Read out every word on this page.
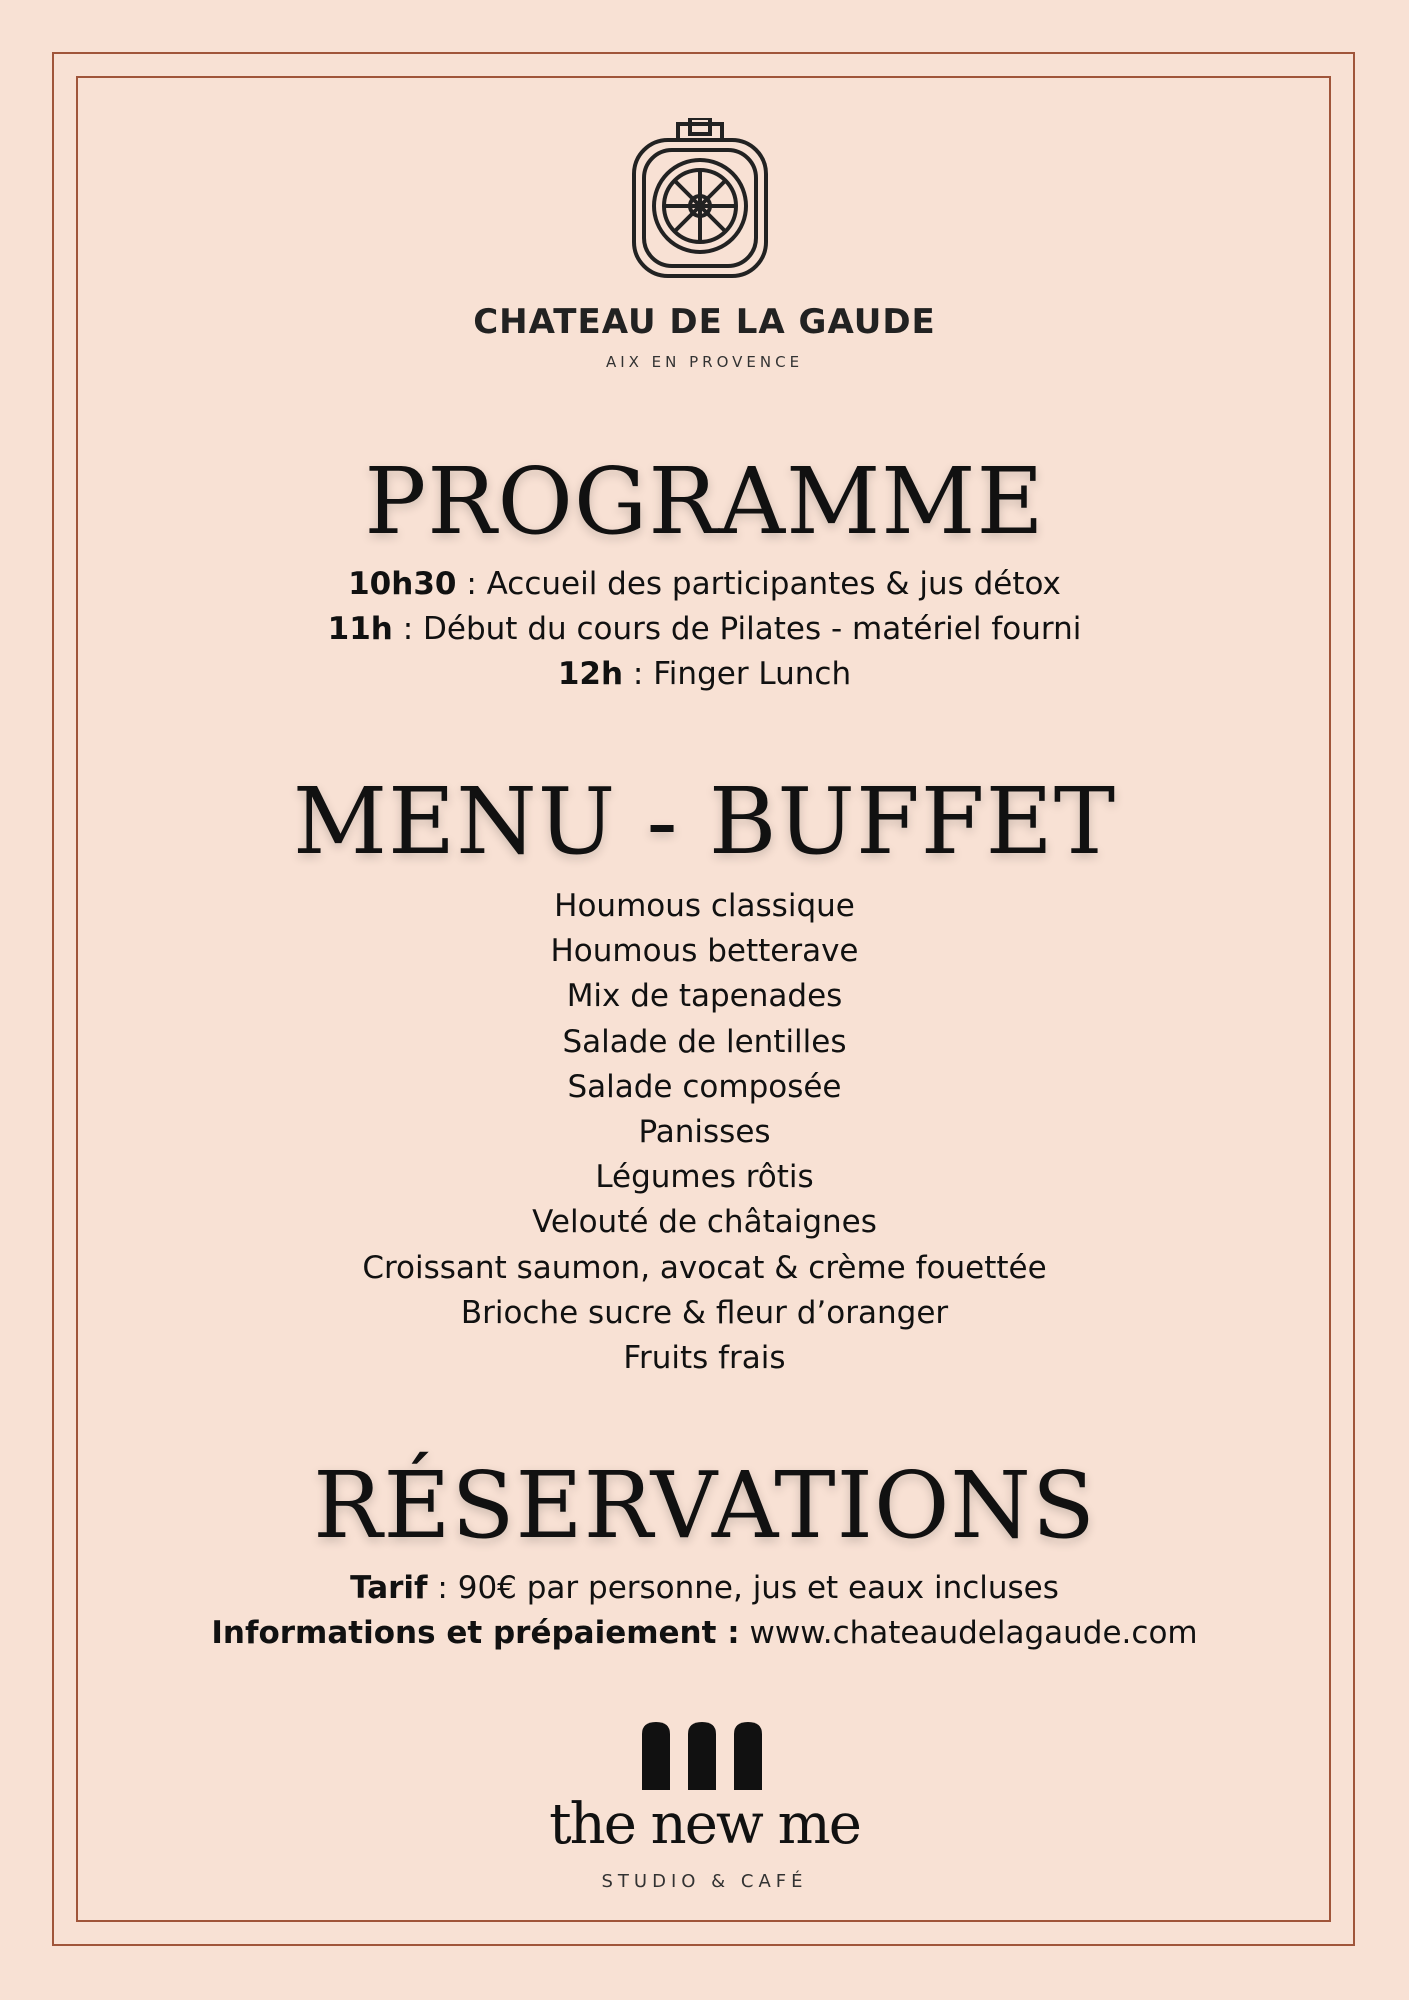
CHATEAU DE LA GAUDE
AIX EN PROVENCE
PROGRAMME
10h30 : Accueil des participantes & jus détox
11h : Début du cours de Pilates - matériel fourni
12h : Finger Lunch
MENU - BUFFET
Houmous classique
Houmous betterave
Mix de tapenades
Salade de lentilles
Salade composée
Panisses
Légumes rôtis
Velouté de châtaignes
Croissant saumon, avocat & crème fouettée
Brioche sucre & fleur d’oranger
Fruits frais
RÉSERVATIONS
Tarif : 90€ par personne, jus et eaux incluses
Informations et prépaiement : www.chateaudelagaude.com
the new me
STUDIO & CAFÉ
